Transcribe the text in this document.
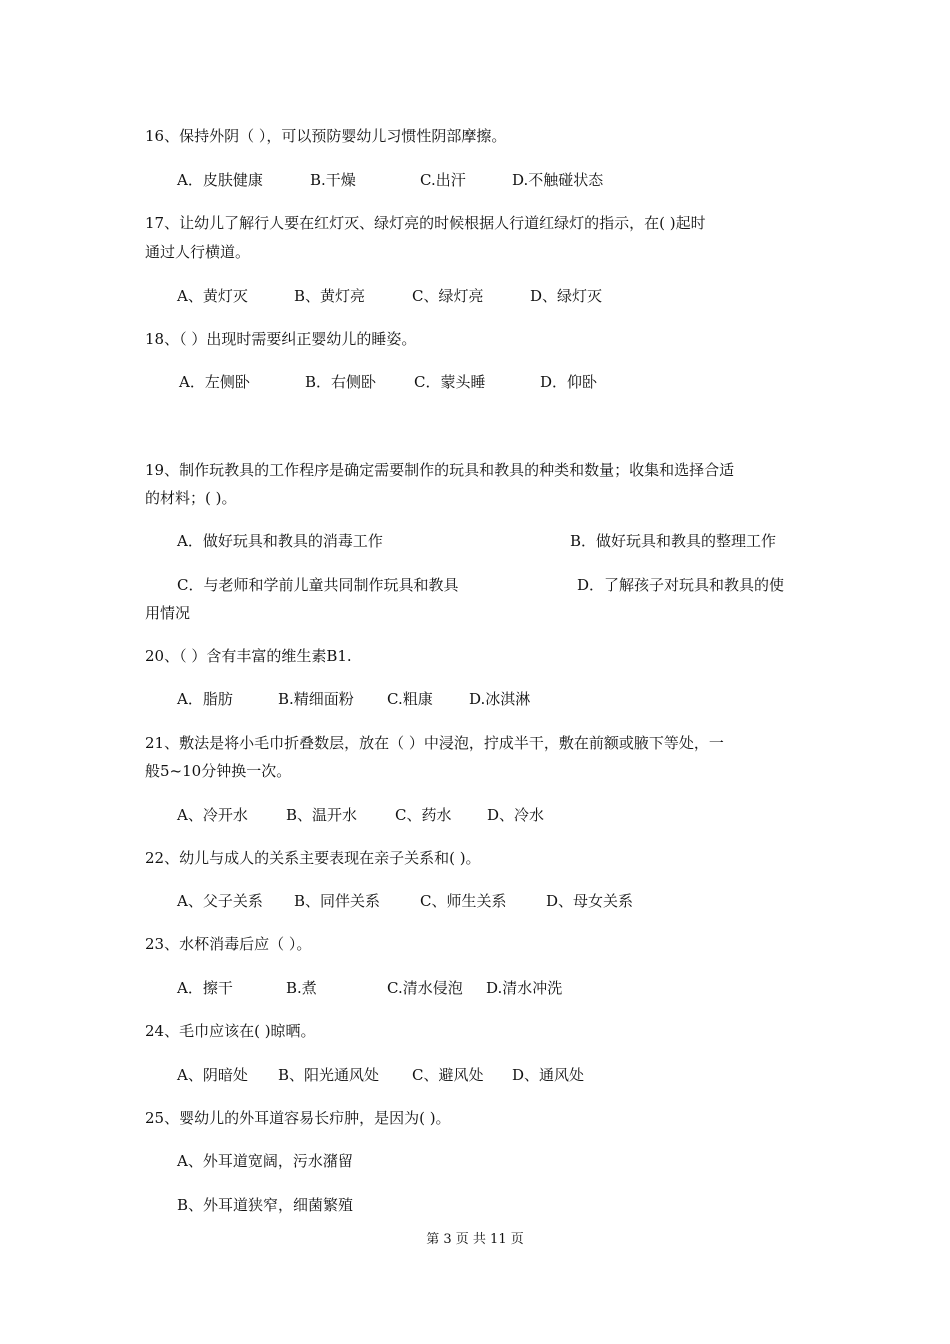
16、保持外阴（ ），可以预防婴幼儿习惯性阴部摩擦。
A．皮肤健康	B.干燥	C.出汗	D.不触碰状态
17、让幼儿了解行人要在红灯灭、绿灯亮的时候根据人行道红绿灯的指示，在( )起时
通过人行横道。
A、黄灯灭	B、黄灯亮	C、绿灯亮	D、绿灯灭
18、（ ）出现时需要纠正婴幼儿的睡姿。
A．左侧卧	B．右侧卧	C．蒙头睡	D．仰卧
19、制作玩教具的工作程序是确定需要制作的玩具和教具的种类和数量；收集和选择合适
的材料；( )。
A．做好玩具和教具的消毒工作	B．做好玩具和教具的整理工作
C．与老师和学前儿童共同制作玩具和教具	D．了解孩子对玩具和教具的使
用情况
20、（ ）含有丰富的维生素B1.
A．脂肪	B.精细面粉 C.粗康 D.冰淇淋
21、敷法是将小毛巾折叠数层，放在（ ）中浸泡，拧成半干，敷在前额或腋下等处，一
般5~10分钟换一次。
A、冷开水	B、温开水	C、药水 D、冷水
22、幼儿与成人的关系主要表现在亲子关系和( )。
A、父子关系 B、同伴关系	C、师生关系	D、母女关系
23、水杯消毒后应（ ）。
A．擦干	B.煮	C.清水侵泡 D.清水冲洗
24、毛巾应该在( )晾晒。
A、阴暗处 B、阳光通风处 C、避风处 D、通风处
25、婴幼儿的外耳道容易长疖肿，是因为( )。
A、外耳道宽阔，污水潴留
B、外耳道狭窄，细菌繁殖
第 3 页 共 11 页
